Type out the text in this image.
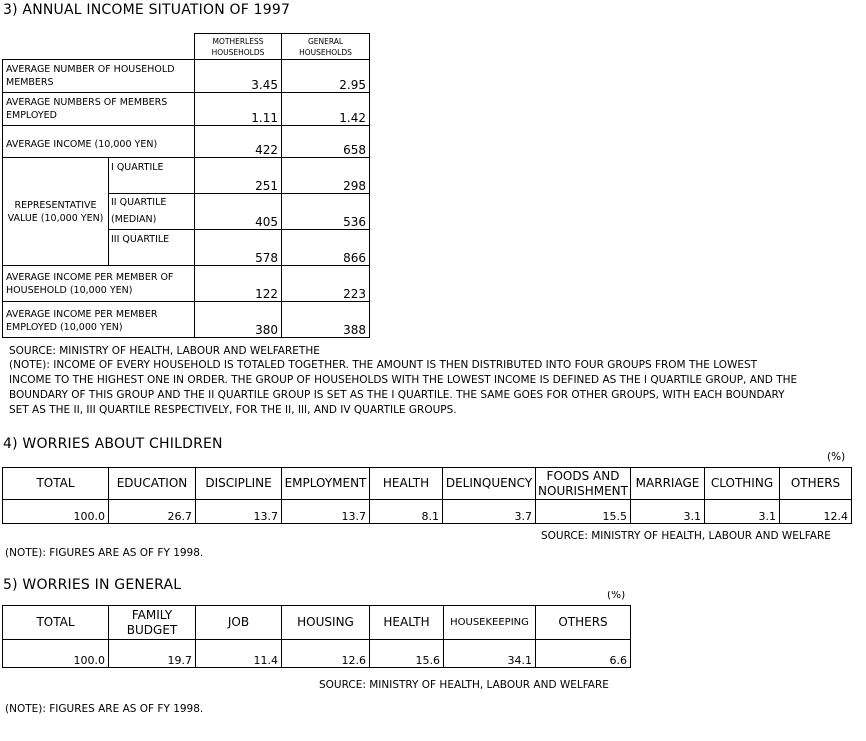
3) ANNUAL INCOME SITUATION OF 1997
		MOTHERLESS
HOUSEHOLDS	GENERAL
HOUSEHOLDS
AVERAGE NUMBER OF HOUSEHOLD
MEMBERS		3.45	2.95
AVERAGE NUMBERS OF MEMBERS
EMPLOYED		1.11	1.42
AVERAGE INCOME (10,000 YEN)		422	658
REPRESENTATIVE
VALUE (10,000 YEN)	I QUARTILE	251	298
	II QUARTILE
(MEDIAN)	405	536
	III QUARTILE	578	866
AVERAGE INCOME PER MEMBER OF
HOUSEHOLD (10,000 YEN)		122	223
AVERAGE INCOME PER MEMBER
EMPLOYED (10,000 YEN)		380	388
SOURCE: MINISTRY OF HEALTH, LABOUR AND WELFARETHE
(NOTE): INCOME OF EVERY HOUSEHOLD IS TOTALED TOGETHER. THE AMOUNT IS THEN DISTRIBUTED INTO FOUR GROUPS FROM THE LOWEST
INCOME TO THE HIGHEST ONE IN ORDER. THE GROUP OF HOUSEHOLDS WITH THE LOWEST INCOME IS DEFINED AS THE I QUARTILE GROUP, AND THE
BOUNDARY OF THIS GROUP AND THE II QUARTILE GROUP IS SET AS THE I QUARTILE. THE SAME GOES FOR OTHER GROUPS, WITH EACH BOUNDARY
SET AS THE II, III QUARTILE RESPECTIVELY, FOR THE II, III, AND IV QUARTILE GROUPS.
4) WORRIES ABOUT CHILDREN
(%)
TOTAL	EDUCATION	DISCIPLINE	EMPLOYMENT	HEALTH	DELINQUENCY	FOODS AND
NOURISHMENT	MARRIAGE	CLOTHING	OTHERS
100.0	26.7	13.7	13.7	8.1	3.7	15.5	3.1	3.1	12.4
SOURCE: MINISTRY OF HEALTH, LABOUR AND WELFARE
(NOTE): FIGURES ARE AS OF FY 1998.
5) WORRIES IN GENERAL
(%)
TOTAL	FAMILY
BUDGET	JOB	HOUSING	HEALTH	HOUSEKEEPING	OTHERS
100.0	19.7	11.4	12.6	15.6	34.1	6.6
SOURCE: MINISTRY OF HEALTH, LABOUR AND WELFARE
(NOTE): FIGURES ARE AS OF FY 1998.
